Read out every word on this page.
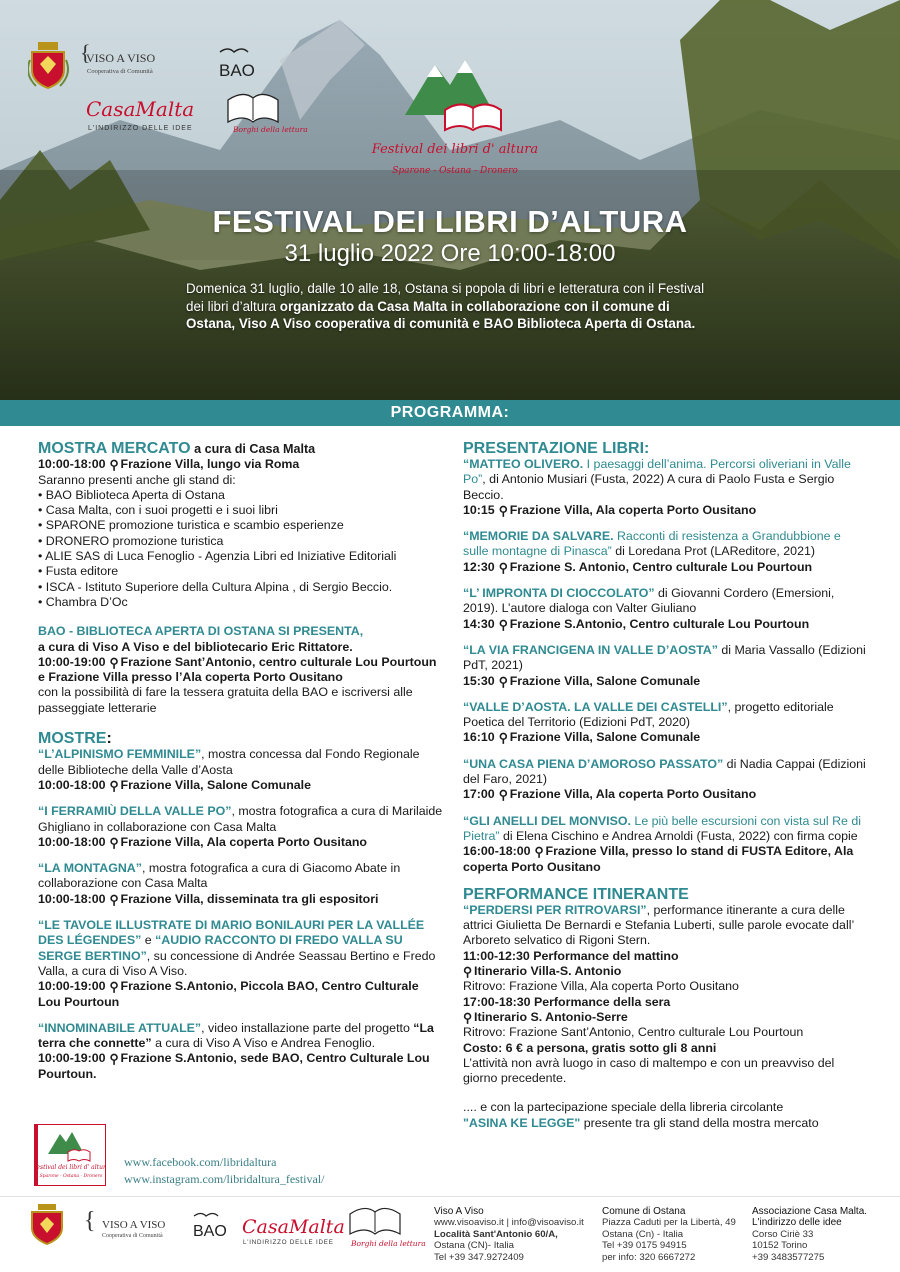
VISO A VISO
Cooperativa di Comunità
{
BAO
CasaMalta
L'INDIRIZZO DELLE IDEE	Borghi della lettura
Festival dei libri d' altura
Sparone - Ostana - Dronero
FESTIVAL DEI LIBRI D’ALTURA
31 luglio 2022 Ore 10:00-18:00
Domenica 31 luglio, dalle 10 alle 18, Ostana si popola di libri e letteratura con il Festival dei libri d’altura organizzato da Casa Malta in collaborazione con il comune di Ostana, Viso A Viso cooperativa di comunità e BAO Biblioteca Aperta di Ostana.
PROGRAMMA:
MOSTRA MERCATO a cura di Casa Malta
10:00-18:00 ⚲ Frazione Villa, lungo via Roma
Saranno presenti anche gli stand di:
• BAO Biblioteca Aperta di Ostana
• Casa Malta, con i suoi progetti e i suoi libri
• SPARONE promozione turistica e scambio esperienze
• DRONERO promozione turistica
• ALIE SAS di Luca Fenoglio - Agenzia Libri ed Iniziative Editoriali
• Fusta editore
• ISCA - Istituto Superiore della Cultura Alpina , di Sergio Beccio.
• Chambra D’Oc
BAO - BIBLIOTECA APERTA DI OSTANA SI PRESENTA,
a cura di Viso A Viso e del bibliotecario Eric Rittatore.
10:00-19:00 ⚲ Frazione Sant’Antonio, centro culturale Lou Pourtoun e Frazione Villa presso l’Ala coperta Porto Ousitano
con la possibilità di fare la tessera gratuita della BAO e iscriversi alle passeggiate letterarie
MOSTRE:
“L’ALPINISMO FEMMINILE”, mostra concessa dal Fondo Regionale delle Biblioteche della Valle d’Aosta
10:00-18:00 ⚲ Frazione Villa, Salone Comunale
“I FERRAMIÙ DELLA VALLE PO”, mostra fotografica a cura di Marilaide Ghigliano in collaborazione con Casa Malta
10:00-18:00 ⚲ Frazione Villa, Ala coperta Porto Ousitano
“LA MONTAGNA”, mostra fotografica a cura di Giacomo Abate in collaborazione con Casa Malta
10:00-18:00 ⚲ Frazione Villa, disseminata tra gli espositori
“LE TAVOLE ILLUSTRATE DI MARIO BONILAURI PER LA VALLÉE DES LÉGENDES” e “AUDIO RACCONTO DI FREDO VALLA SU SERGE BERTINO”, su concessione di Andrée Seassau Bertino e Fredo Valla, a cura di Viso A Viso.
10:00-19:00 ⚲ Frazione S.Antonio, Piccola BAO, Centro Culturale Lou Pourtoun
“INNOMINABILE ATTUALE”, video installazione parte del progetto “La terra che connette” a cura di Viso A Viso e Andrea Fenoglio.
10:00-19:00 ⚲ Frazione S.Antonio, sede BAO, Centro Culturale Lou Pourtoun.
PRESENTAZIONE LIBRI:
“MATTEO OLIVERO. I paesaggi dell’anima. Percorsi oliveriani in Valle Po”, di Antonio Musiari (Fusta, 2022) A cura di Paolo Fusta e Sergio Beccio.
10:15 ⚲ Frazione Villa, Ala coperta Porto Ousitano
“MEMORIE DA SALVARE. Racconti di resistenza a Grandubbione e sulle montagne di Pinasca” di Loredana Prot (LAReditore, 2021)
12:30 ⚲ Frazione S. Antonio, Centro culturale Lou Pourtoun
“L’ IMPRONTA DI CIOCCOLATO” di Giovanni Cordero (Emersioni, 2019). L’autore dialoga con Valter Giuliano
14:30 ⚲ Frazione S.Antonio, Centro culturale Lou Pourtoun
“LA VIA FRANCIGENA IN VALLE D’AOSTA” di Maria Vassallo (Edizioni PdT, 2021)
15:30 ⚲ Frazione Villa, Salone Comunale
“VALLE D’AOSTA. LA VALLE DEI CASTELLI”, progetto editoriale Poetica del Territorio (Edizioni PdT, 2020)
16:10 ⚲ Frazione Villa, Salone Comunale
“UNA CASA PIENA D’AMOROSO PASSATO” di Nadia Cappai (Edizioni del Faro, 2021)
17:00 ⚲ Frazione Villa, Ala coperta Porto Ousitano
“GLI ANELLI DEL MONVISO. Le più belle escursioni con vista sul Re di Pietra” di Elena Cischino e Andrea Arnoldi (Fusta, 2022) con firma copie
16:00-18:00 ⚲ Frazione Villa, presso lo stand di FUSTA Editore, Ala coperta Porto Ousitano
PERFORMANCE ITINERANTE
“PERDERSI PER RITROVARSI”, performance itinerante a cura delle attrici Giulietta De Bernardi e Stefania Luberti, sulle parole evocate dall’ Arboreto selvatico di Rigoni Stern.
11:00-12:30 Performance del mattino
⚲ Itinerario Villa-S. Antonio
Ritrovo: Frazione Villa, Ala coperta Porto Ousitano
17:00-18:30 Performance della sera
⚲ Itinerario S. Antonio-Serre
Ritrovo: Frazione Sant’Antonio, Centro culturale Lou Pourtoun
Costo: 6 € a persona, gratis sotto gli 8 anni
L’attività non avrà luogo in caso di maltempo e con un preavviso del giorno precedente.
.... e con la partecipazione speciale della libreria circolante
"ASINA KE LEGGE" presente tra gli stand della mostra mercato
Festival dei libri d' altura
Sparone - Ostana - Dronero
www.facebook.com/libridaltura
www.instagram.com/libridaltura_festival/
{ VISO A VISO
Cooperativa di Comunità BAO CasaMalta
L'INDIRIZZO DELLE IDEE Borghi della lettura
Viso A Viso
www.visoaviso.it | info@visoaviso.it
Località Sant'Antonio 60/A,
Ostana (CN)- Italia
Tel +39 347.9272409
Comune di Ostana
Piazza Caduti per la Libertà, 49
Ostana (Cn) - Italia
Tel +39 0175 94915
per info: 320 6667272
Associazione Casa Malta.
L'indirizzo delle idee
Corso Ciriè 33
10152 Torino
+39 3483577275
